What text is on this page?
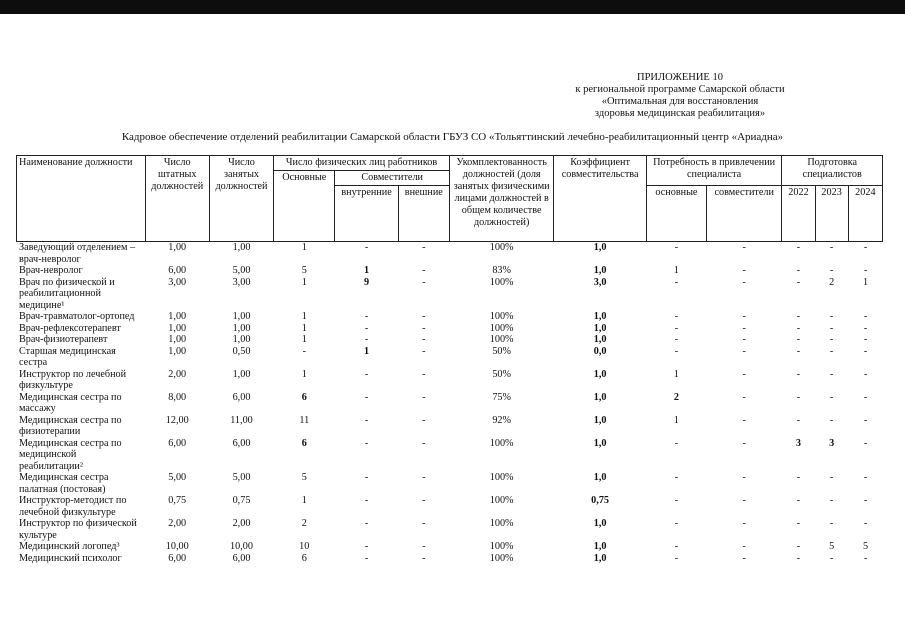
ПРИЛОЖЕНИЕ 10
к региональной программе Самарской области
«Оптимальная для восстановления
здоровья медицинская реабилитация»
Кадровое обеспечение отделений реабилитации Самарской области ГБУЗ СО «Тольяттинский лечебно-реабилитационный центр «Ариадна»
Наименование должности	Число штатных должностей	Число занятых должностей	Число физических лиц работников			Укомплектованность должностей (доля занятых физическими лицами должностей в общем количестве должностей)	Коэффициент совместительства	Потребность в привлечении специалиста		Подготовка специалистов		
			Основные	Совместители								
				внутренние	внешние			основные	совместители	2022	2023	2024
Заведующий отделением – врач-невролог	1,00	1,00	1	-	-	100%	1,0	-	-	-	-	-
Врач-невролог	6,00	5,00	5	1	-	83%	1,0	1	-	-	-	-
Врач по физической и реабилитационной медицине¹	3,00	3,00	1	9	-	100%	3,0	-	-	-	2	1
Врач-травматолог-ортопед	1,00	1,00	1	-	-	100%	1,0	-	-	-	-	-
Врач-рефлексотерапевт	1,00	1,00	1	-	-	100%	1,0	-	-	-	-	-
Врач-физиотерапевт	1,00	1,00	1	-	-	100%	1,0	-	-	-	-	-
Старшая медицинская сестра	1,00	0,50	-	1	-	50%	0,0	-	-	-	-	-
Инструктор по лечебной физкультуре	2,00	1,00	1	-	-	50%	1,0	1	-	-	-	-
Медицинская сестра по массажу	8,00	6,00	6	-	-	75%	1,0	2	-	-	-	-
Медицинская сестра по физиотерапии	12,00	11,00	11	-	-	92%	1,0	1	-	-	-	-
Медицинская сестра по медицинской реабилитации²	6,00	6,00	6	-	-	100%	1,0	-	-	3	3	-
Медицинская сестра палатная (постовая)	5,00	5,00	5	-	-	100%	1,0	-	-	-	-	-
Инструктор-методист по лечебной физкультуре	0,75	0,75	1	-	-	100%	0,75	-	-	-	-	-
Инструктор по физической культуре	2,00	2,00	2	-	-	100%	1,0	-	-	-	-	-
Медицинский логопед³	10,00	10,00	10	-	-	100%	1,0	-	-	-	5	5
Медицинский психолог	6,00	6,00	6	-	-	100%	1,0	-	-	-	-	-
